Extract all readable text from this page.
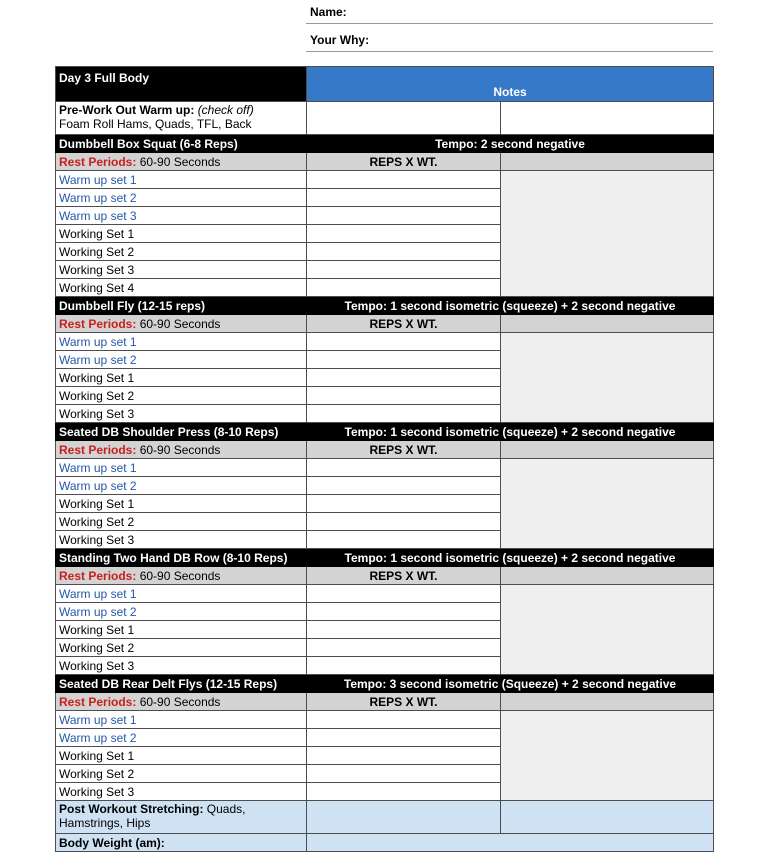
Name:
Your Why:
Day 3 Full Body	Notes	
Pre-Work Out Warm up: (check off)
Foam Roll Hams, Quads, TFL, Back		
Dumbbell Box Squat (6-8 Reps)	Tempo: 2 second negative	
Rest Periods: 60-90 Seconds	REPS X WT.	
Warm up set 1		
Warm up set 2		
Warm up set 3		
Working Set 1		
Working Set 2		
Working Set 3		
Working Set 4		
Dumbbell Fly (12-15 reps)	Tempo: 1 second isometric (squeeze) + 2 second negative	
Rest Periods: 60-90 Seconds	REPS X WT.	
Warm up set 1		
Warm up set 2		
Working Set 1		
Working Set 2		
Working Set 3		
Seated DB Shoulder Press (8-10 Reps)	Tempo: 1 second isometric (squeeze) + 2 second negative	
Rest Periods: 60-90 Seconds	REPS X WT.	
Warm up set 1		
Warm up set 2		
Working Set 1		
Working Set 2		
Working Set 3		
Standing Two Hand DB Row (8-10 Reps)	Tempo: 1 second isometric (squeeze) + 2 second negative	
Rest Periods: 60-90 Seconds	REPS X WT.	
Warm up set 1		
Warm up set 2		
Working Set 1		
Working Set 2		
Working Set 3		
Seated DB Rear Delt Flys (12-15 Reps)	Tempo: 3 second isometric (Squeeze) + 2 second negative	
Rest Periods: 60-90 Seconds	REPS X WT.	
Warm up set 1		
Warm up set 2		
Working Set 1		
Working Set 2		
Working Set 3		
Post Workout Stretching: Quads, Hamstrings, Hips		
Body Weight (am):		
